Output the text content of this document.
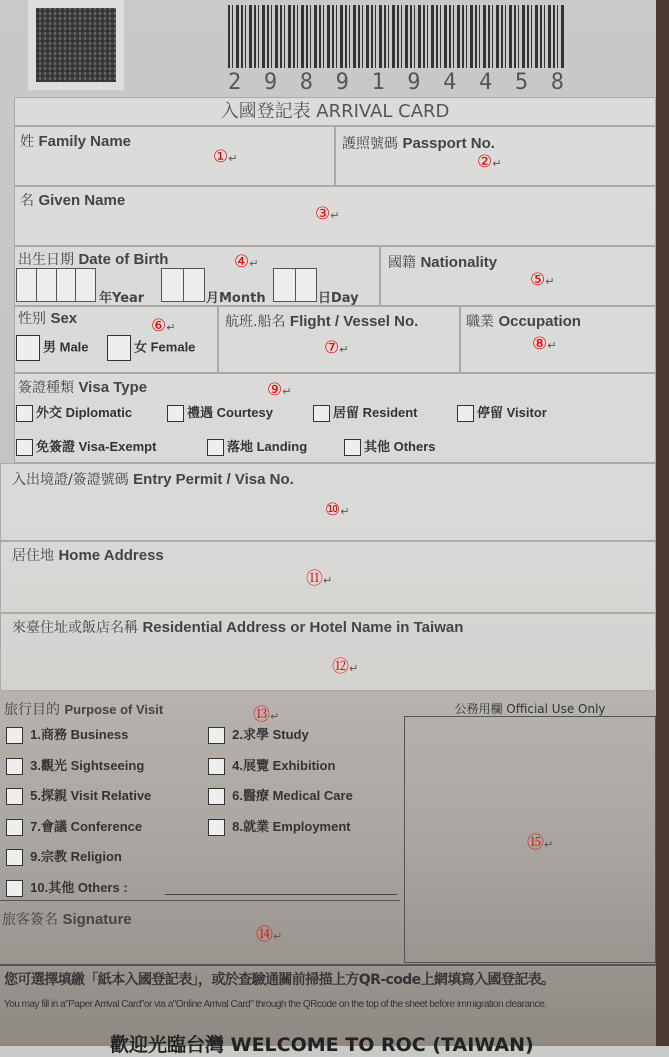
2 9 8 9 1 9 4 4 5 8
入國登記表 ARRIVAL CARD
姓 Family Name
① ↵
護照號碼 Passport No.
② ↵
名 Given Name
③ ↵
出生日期 Date of Birth	④ ↵
年Year	月Month	日Day
國籍 Nationality
⑤ ↵
性別 Sex	⑥ ↵
男 Male	女 Female
航班.船名 Flight / Vessel No.
⑦ ↵
職業 Occupation
⑧ ↵
簽證種類 Visa Type	⑨ ↵
外交 Diplomatic	禮遇 Courtesy	居留 Resident	停留 Visitor
免簽證 Visa-Exempt	落地 Landing	其他 Others
入出境證/簽證號碼 Entry Permit / Visa No.
⑩ ↵
居住地 Home Address
⑪ ↵
來臺住址或飯店名稱 Residential Address or Hotel Name in Taiwan
⑫ ↵
旅行目的 Purpose of Visit	⑬ ↵
1.商務 Business	2.求學 Study
3.觀光 Sightseeing	4.展覽 Exhibition
5.探親 Visit Relative	6.醫療 Medical Care
7.會議 Conference	8.就業 Employment
9.宗教 Religion
10.其他 Others :
旅客簽名 Signature
⑭ ↵
公務用欄 Official Use Only
⑮ ↵
您可選擇填繳「紙本入國登記表」，或於查驗通關前掃描上方QR-code上網填寫入國登記表。
You may fill in a"Paper Arrival Card"or via a"Online Arrival Card" through the QRcode on the top of the sheet before immigration clearance.
歡迎光臨台灣 WELCOME TO ROC (TAIWAN)
